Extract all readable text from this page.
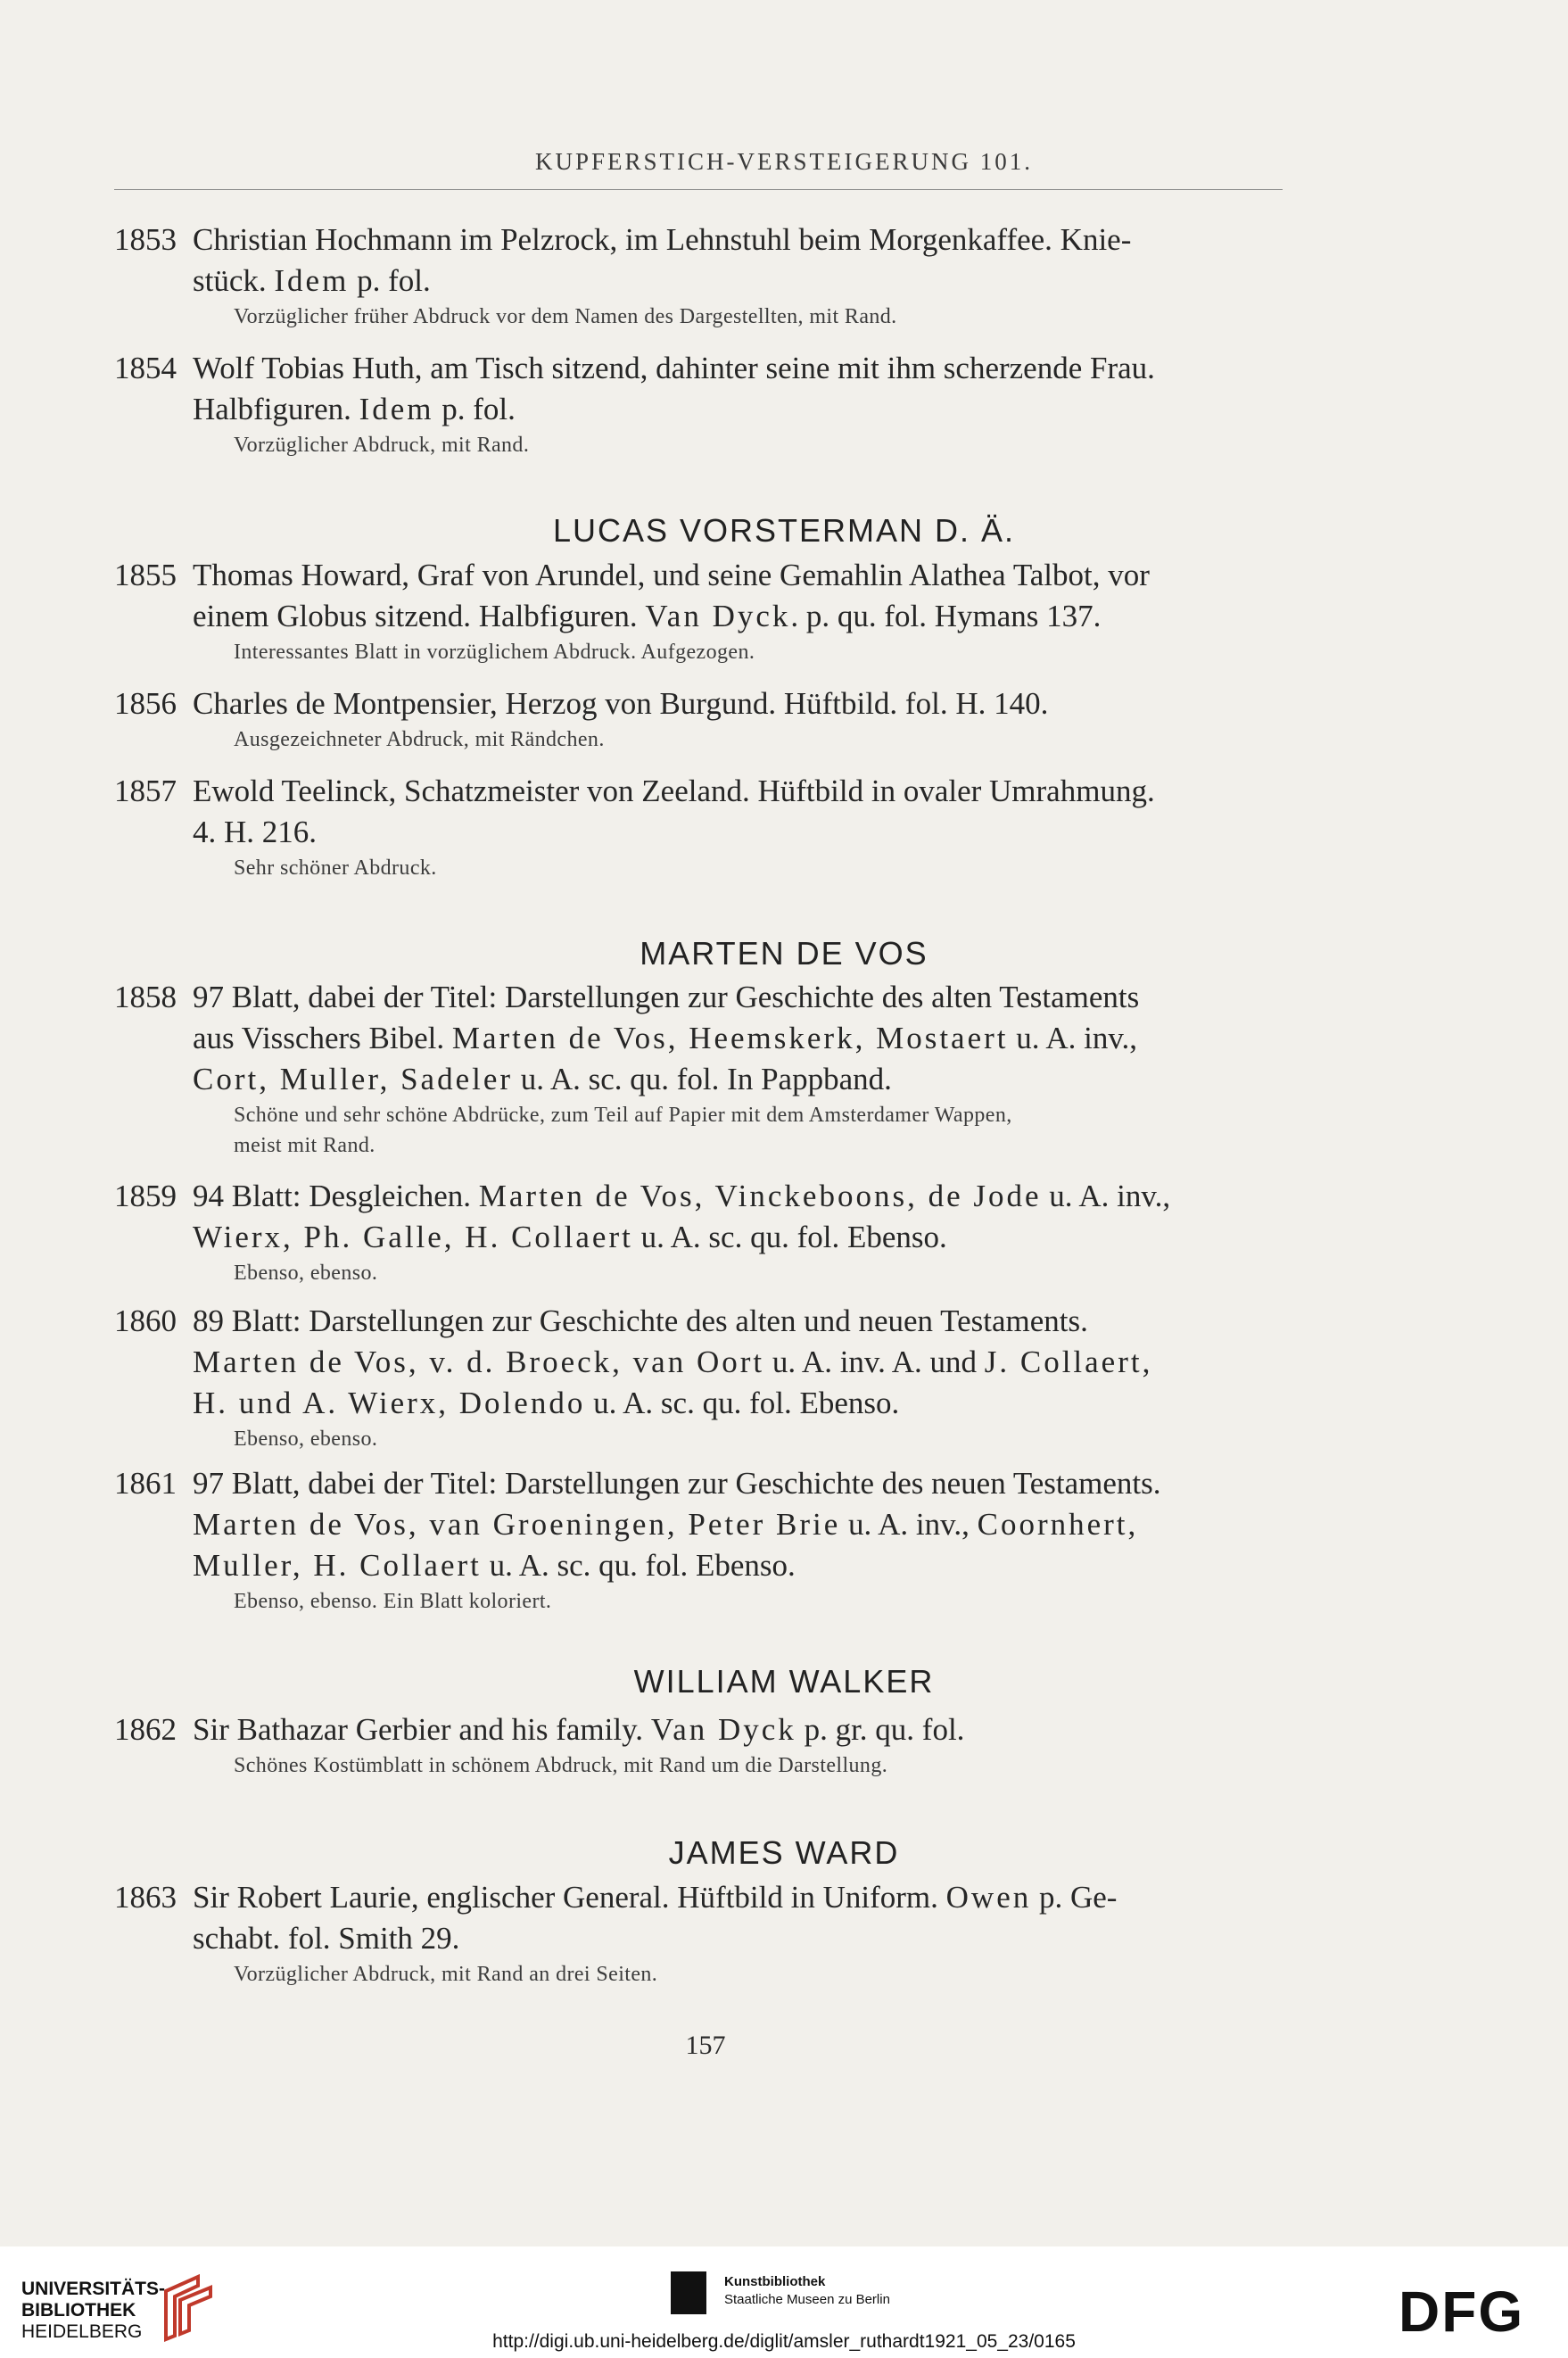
KUPFERSTICH-VERSTEIGERUNG 101.
1853 Christian Hochmann im Pelzrock, im Lehnstuhl beim Morgenkaffee. Knie-
stück. Idem p. fol.
Vorzüglicher früher Abdruck vor dem Namen des Dargestellten, mit Rand.
1854 Wolf Tobias Huth, am Tisch sitzend, dahinter seine mit ihm scherzende Frau.
Halbfiguren. Idem p. fol.
Vorzüglicher Abdruck, mit Rand.
LUCAS VORSTERMAN D. Ä.
1855 Thomas Howard, Graf von Arundel, und seine Gemahlin Alathea Talbot, vor
einem Globus sitzend. Halbfiguren. Van Dyck. p. qu. fol. Hymans 137.
Interessantes Blatt in vorzüglichem Abdruck. Aufgezogen.
1856 Charles de Montpensier, Herzog von Burgund. Hüftbild. fol. H. 140.
Ausgezeichneter Abdruck, mit Rändchen.
1857 Ewold Teelinck, Schatzmeister von Zeeland. Hüftbild in ovaler Umrahmung.
4. H. 216.
Sehr schöner Abdruck.
MARTEN DE VOS
1858 97 Blatt, dabei der Titel: Darstellungen zur Geschichte des alten Testaments
aus Visschers Bibel. Marten de Vos, Heemskerk, Mostaert u. A. inv.,
Cort, Muller, Sadeler u. A. sc. qu. fol. In Pappband.
Schöne und sehr schöne Abdrücke, zum Teil auf Papier mit dem Amsterdamer Wappen,
meist mit Rand.
1859 94 Blatt: Desgleichen. Marten de Vos, Vinckeboons, de Jode u. A. inv.,
Wierx, Ph. Galle, H. Collaert u. A. sc. qu. fol. Ebenso.
Ebenso, ebenso.
1860 89 Blatt: Darstellungen zur Geschichte des alten und neuen Testaments.
Marten de Vos, v. d. Broeck, van Oort u. A. inv. A. und J. Collaert,
H. und A. Wierx, Dolendo u. A. sc. qu. fol. Ebenso.
Ebenso, ebenso.
1861 97 Blatt, dabei der Titel: Darstellungen zur Geschichte des neuen Testaments.
Marten de Vos, van Groeningen, Peter Brie u. A. inv., Coornhert,
Muller, H. Collaert u. A. sc. qu. fol. Ebenso.
Ebenso, ebenso. Ein Blatt koloriert.
WILLIAM WALKER
1862 Sir Bathazar Gerbier and his family. Van Dyck p. gr. qu. fol.
Schönes Kostümblatt in schönem Abdruck, mit Rand um die Darstellung.
JAMES WARD
1863 Sir Robert Laurie, englischer General. Hüftbild in Uniform. Owen p. Ge-
schabt. fol. Smith 29.
Vorzüglicher Abdruck, mit Rand an drei Seiten.
157
UNIVERSITÄTS-
BIBLIOTHEK
HEIDELBERG
Kunstbibliothek
Staatliche Museen zu Berlin	DFG
http://digi.ub.uni-heidelberg.de/diglit/amsler_ruthardt1921_05_23/0165
